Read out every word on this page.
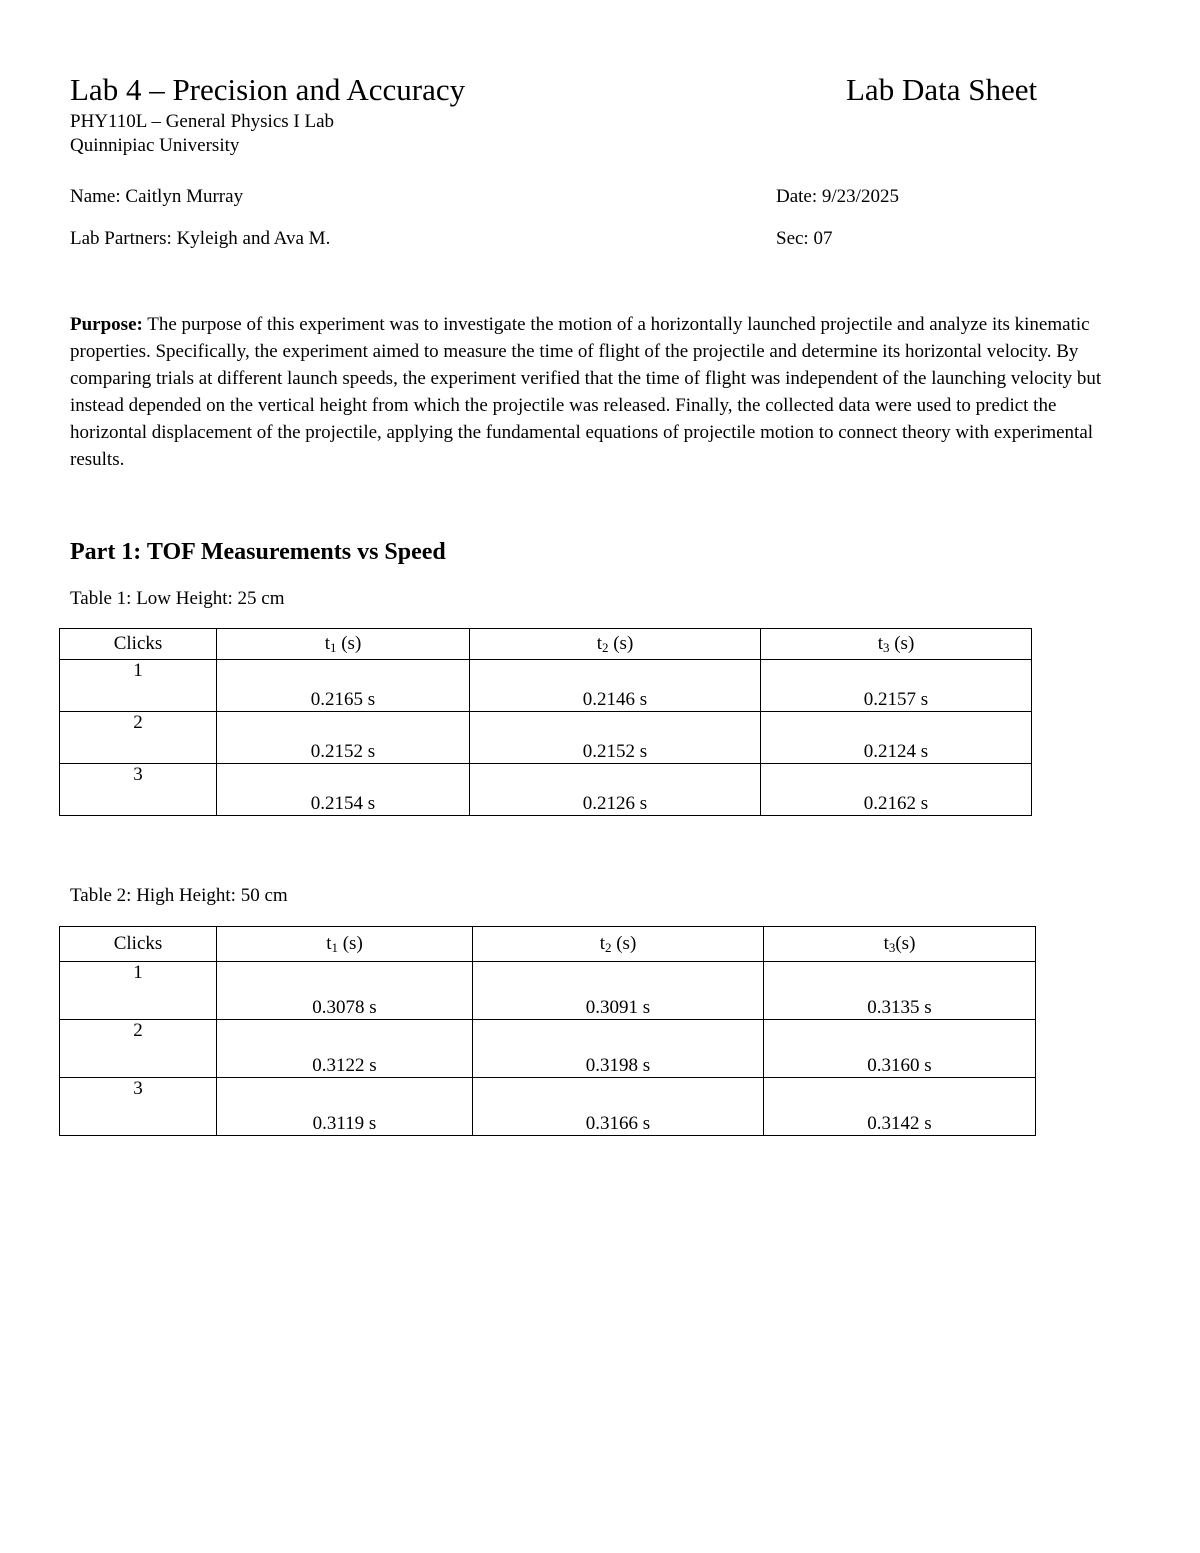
Lab 4 – Precision and Accuracy	Lab Data Sheet
PHY110L – General Physics I Lab
Quinnipiac University
Name: Caitlyn Murray	Date: 9/23/2025
Lab Partners: Kyleigh and Ava M.	Sec: 07
Purpose: The purpose of this experiment was to investigate the motion of a horizontally launched projectile and analyze its kinematic properties. Specifically, the experiment aimed to measure the time of flight of the projectile and determine its horizontal velocity. By comparing trials at different launch speeds, the experiment verified that the time of flight was independent of the launching velocity but instead depended on the vertical height from which the projectile was released. Finally, the collected data were used to predict the horizontal displacement of the projectile, applying the fundamental equations of projectile motion to connect theory with experimental results.
Part 1: TOF Measurements vs Speed
Table 1: Low Height: 25 cm
Clicks	$t_1$ (s)	$t_2$ (s)	$t_3$ (s)
1	0.2165 s	0.2146 s	0.2157 s
2	0.2152 s	0.2152 s	0.2124 s
3	0.2154 s	0.2126 s	0.2162 s
Table 2: High Height: 50 cm
Clicks	$t_1$ (s)	$t_2$ (s)	$t_3(s)$
1	0.3078 s	0.3091 s	0.3135 s
2	0.3122 s	0.3198 s	0.3160 s
3	0.3119 s	0.3166 s	0.3142 s
